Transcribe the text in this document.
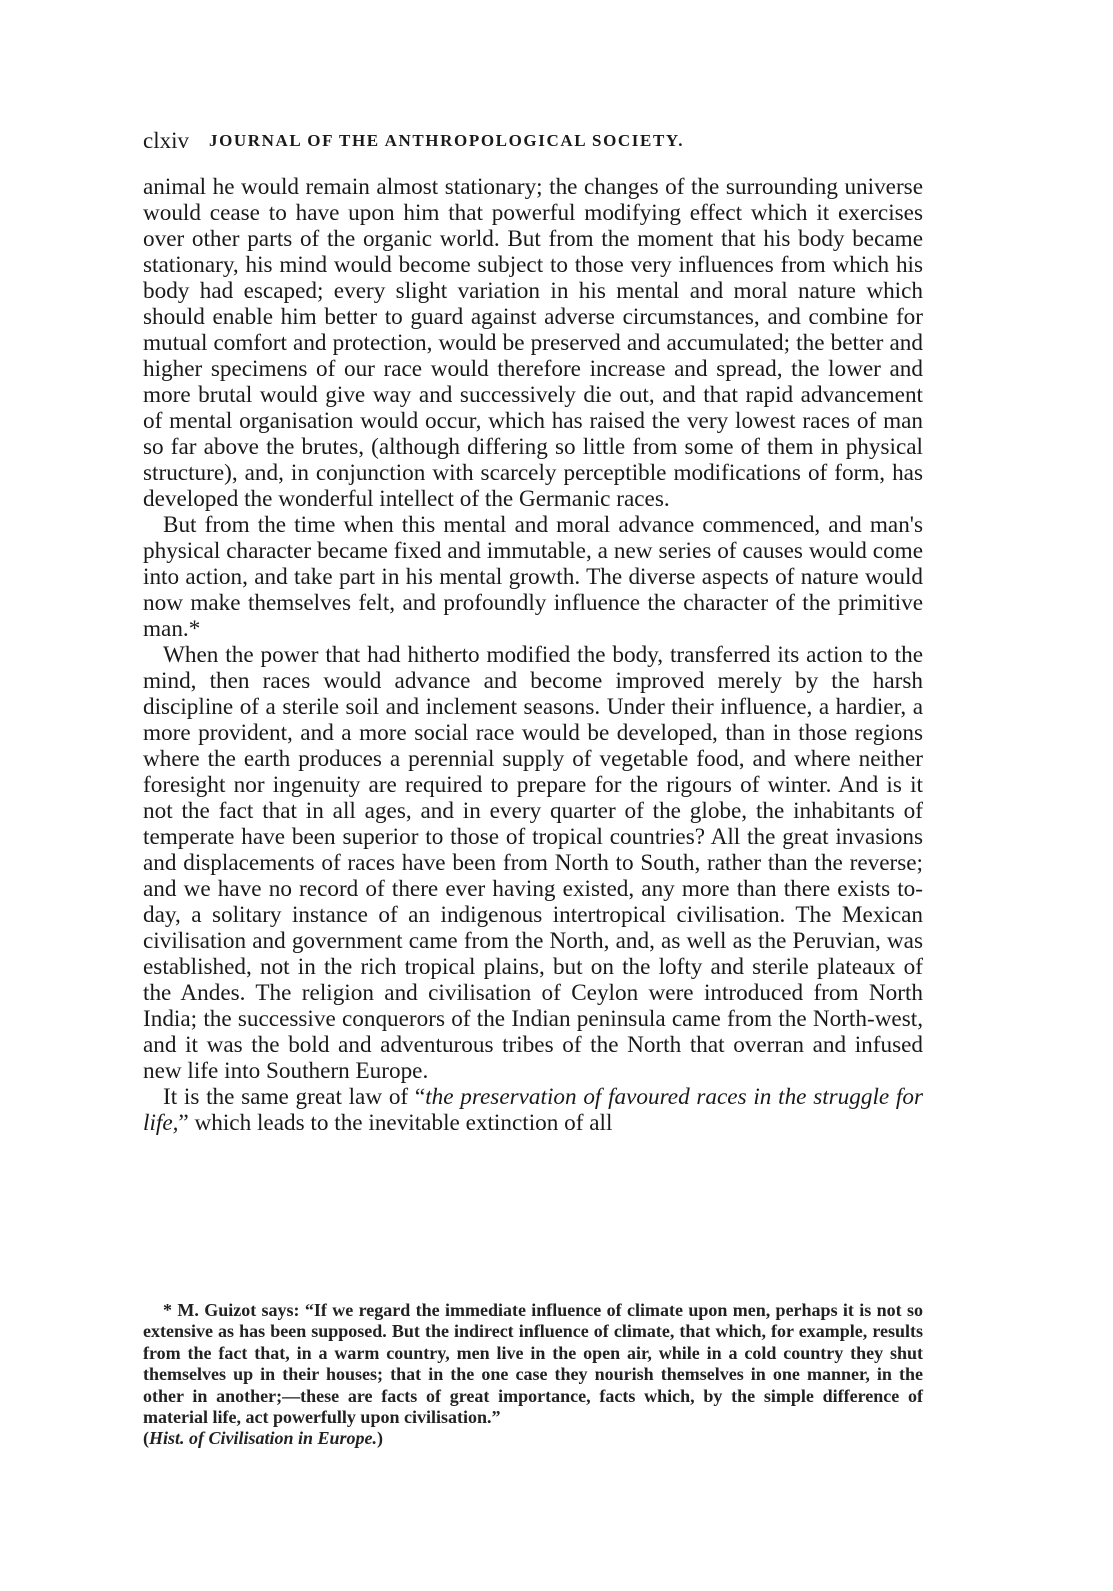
clxiv JOURNAL OF THE ANTHROPOLOGICAL SOCIETY.

animal he would remain almost stationary; the changes of the surrounding universe would cease to have upon him that powerful modifying effect which it exercises over other parts of the organic world. But from the moment that his body became stationary, his mind would become subject to those very influences from which his body had escaped; every slight variation in his mental and moral nature which should enable him better to guard against adverse circumstances, and combine for mutual comfort and protection, would be preserved and accumulated; the better and higher specimens of our race would therefore increase and spread, the lower and more brutal would give way and successively die out, and that rapid advancement of mental organisation would occur, which has raised the very lowest races of man so far above the brutes, (although differing so little from some of them in physical structure), and, in conjunction with scarcely perceptible modifications of form, has developed the wonderful intellect of the Germanic races.

But from the time when this mental and moral advance commenced, and man's physical character became fixed and immutable, a new series of causes would come into action, and take part in his mental growth. The diverse aspects of nature would now make themselves felt, and profoundly influence the character of the primitive man.*

When the power that had hitherto modified the body, transferred its action to the mind, then races would advance and become improved merely by the harsh discipline of a sterile soil and inclement seasons. Under their influence, a hardier, a more provident, and a more social race would be developed, than in those regions where the earth produces a perennial supply of vegetable food, and where neither foresight nor ingenuity are required to prepare for the rigours of winter. And is it not the fact that in all ages, and in every quarter of the globe, the inhabitants of temperate have been superior to those of tropical countries? All the great invasions and displacements of races have been from North to South, rather than the reverse; and we have no record of there ever having existed, any more than there exists to-day, a solitary instance of an indigenous intertropical civilisation. The Mexican civilisation and government came from the North, and, as well as the Peruvian, was established, not in the rich tropical plains, but on the lofty and sterile plateaux of the Andes. The religion and civilisation of Ceylon were introduced from North India; the successive conquerors of the Indian peninsula came from the North-west, and it was the bold and adventurous tribes of the North that overran and infused new life into Southern Europe.

It is the same great law of “the preservation of favoured races in the struggle for life,” which leads to the inevitable extinction of all

* M. Guizot says: “If we regard the immediate influence of climate upon men, perhaps it is not so extensive as has been supposed. But the indirect influence of climate, that which, for example, results from the fact that, in a warm country, men live in the open air, while in a cold country they shut themselves up in their houses; that in the one case they nourish themselves in one manner, in the other in another;—these are facts of great importance, facts which, by the simple difference of material life, act powerfully upon civilisation.”
(Hist. of Civilisation in Europe.)
